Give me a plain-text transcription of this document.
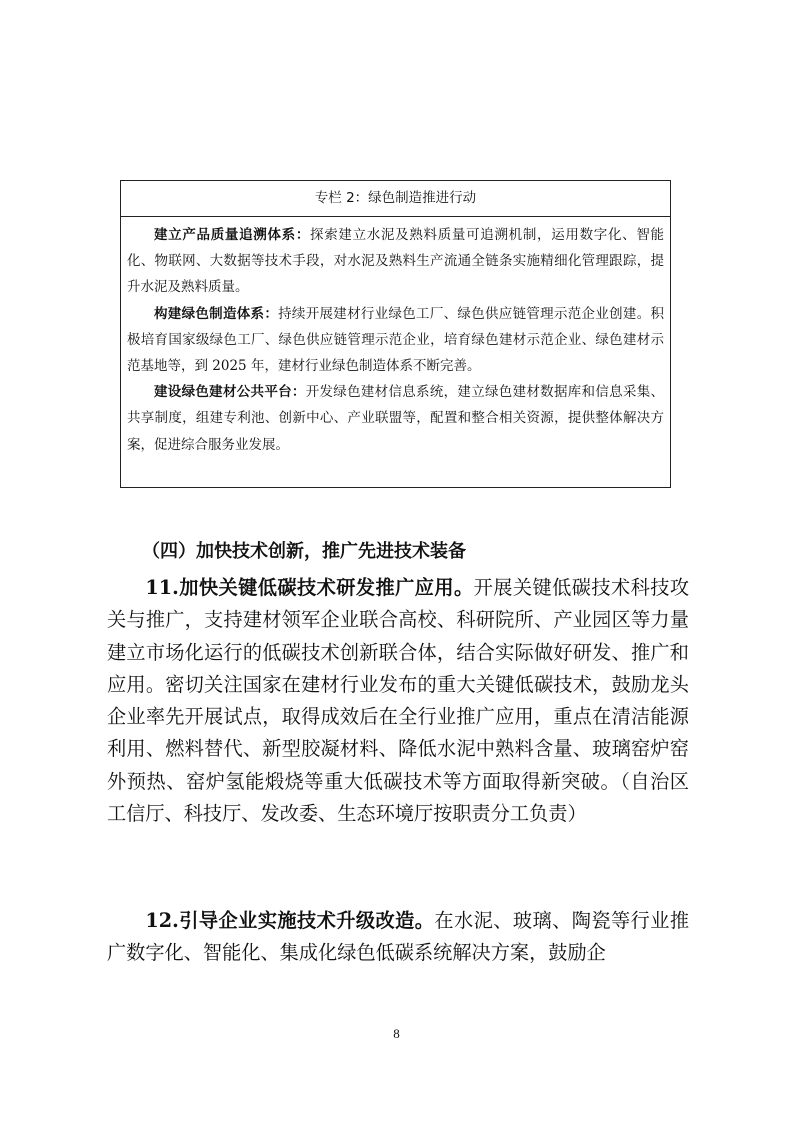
专栏 2：绿色制造推进行动

建立产品质量追溯体系：探索建立水泥及熟料质量可追溯机制，运用数字化、智能化、物联网、大数据等技术手段，对水泥及熟料生产流通全链条实施精细化管理跟踪，提升水泥及熟料质量。

构建绿色制造体系：持续开展建材行业绿色工厂、绿色供应链管理示范企业创建。积极培育国家级绿色工厂、绿色供应链管理示范企业，培育绿色建材示范企业、绿色建材示范基地等，到 2025 年，建材行业绿色制造体系不断完善。

建设绿色建材公共平台：开发绿色建材信息系统，建立绿色建材数据库和信息采集、共享制度，组建专利池、创新中心、产业联盟等，配置和整合相关资源，提供整体解决方案，促进综合服务业发展。

（四）加快技术创新，推广先进技术装备

11.加快关键低碳技术研发推广应用。开展关键低碳技术科技攻关与推广，支持建材领军企业联合高校、科研院所、产业园区等力量建立市场化运行的低碳技术创新联合体，结合实际做好研发、推广和应用。密切关注国家在建材行业发布的重大关键低碳技术，鼓励龙头企业率先开展试点，取得成效后在全行业推广应用，重点在清洁能源利用、燃料替代、新型胶凝材料、降低水泥中熟料含量、玻璃窑炉窑外预热、窑炉氢能煅烧等重大低碳技术等方面取得新突破。（自治区工信厅、科技厅、发改委、生态环境厅按职责分工负责）

12.引导企业实施技术升级改造。在水泥、玻璃、陶瓷等行业推广数字化、智能化、集成化绿色低碳系统解决方案，鼓励企

8
